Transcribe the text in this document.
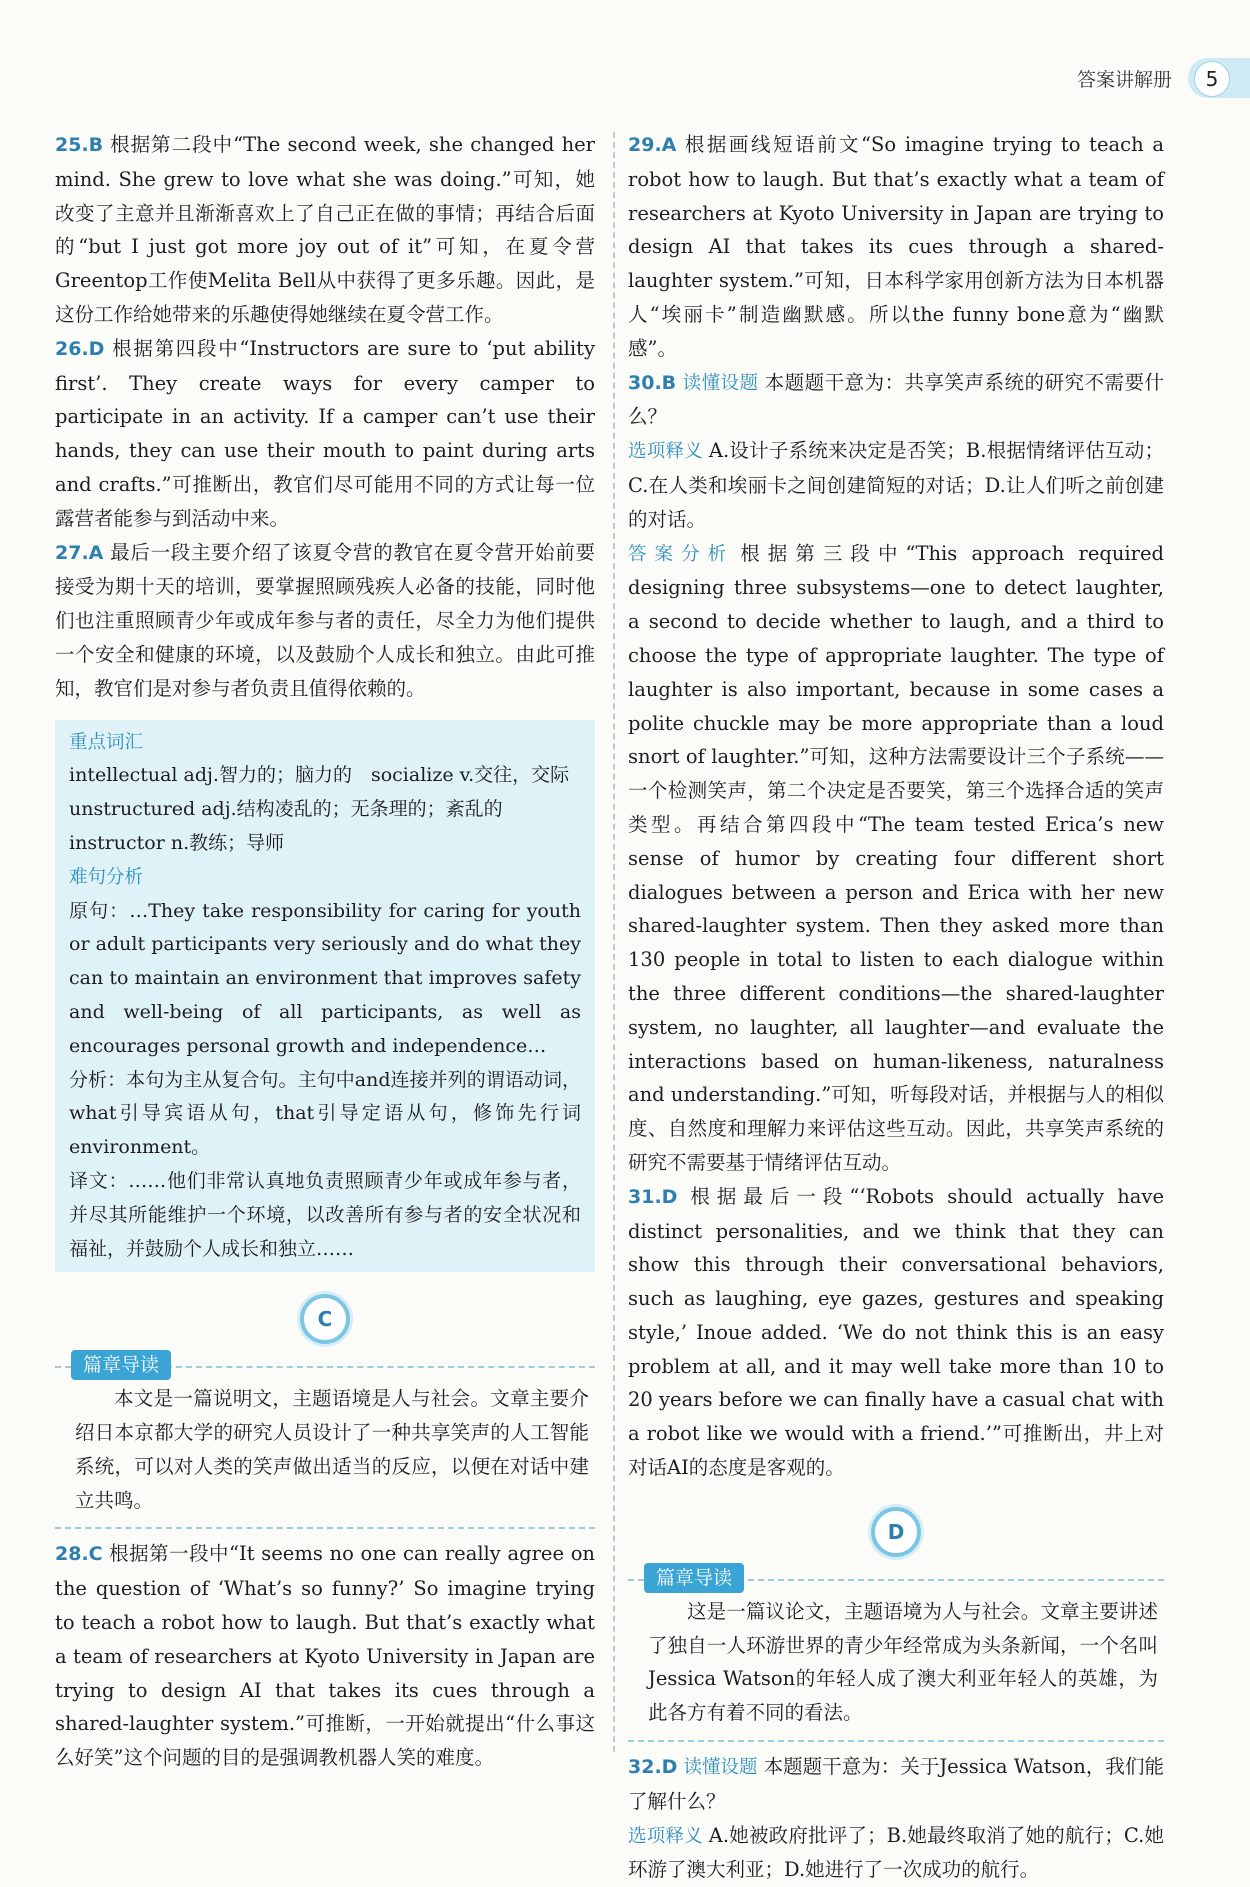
答案讲解册	5

25.B 根据第二段中“The second week, she changed her mind. She grew to love what she was doing.”可知，她改变了主意并且渐渐喜欢上了自己正在做的事情；再结合后面的“but I just got more joy out of it”可知，在夏令营Greentop工作使Melita Bell从中获得了更多乐趣。因此，是这份工作给她带来的乐趣使得她继续在夏令营工作。

26.D 根据第四段中“Instructors are sure to ‘put ability first’. They create ways for every camper to participate in an activity. If a camper can’t use their hands, they can use their mouth to paint during arts and crafts.”可推断出，教官们尽可能用不同的方式让每一位露营者能参与到活动中来。

27.A 最后一段主要介绍了该夏令营的教官在夏令营开始前要接受为期十天的培训，要掌握照顾残疾人必备的技能，同时他们也注重照顾青少年或成年参与者的责任，尽全力为他们提供一个安全和健康的环境，以及鼓励个人成长和独立。由此可推知，教官们是对参与者负责且值得依赖的。

重点词汇

intellectual adj.智力的；脑力的　socialize v.交往，交际

unstructured adj.结构凌乱的；无条理的；紊乱的

instructor n.教练；导师

难句分析

原句：…They take responsibility for caring for youth or adult participants very seriously and do what they can to maintain an environment that improves safety and well-being of all participants, as well as encourages personal growth and independence…

分析：本句为主从复合句。主句中and连接并列的谓语动词，what引导宾语从句，that引导定语从句，修饰先行词environment。

译文：……他们非常认真地负责照顾青少年或成年参与者，并尽其所能维护一个环境，以改善所有参与者的安全状况和福祉，并鼓励个人成长和独立……

C
篇章导读

本文是一篇说明文，主题语境是人与社会。文章主要介绍日本京都大学的研究人员设计了一种共享笑声的人工智能系统，可以对人类的笑声做出适当的反应，以便在对话中建立共鸣。

28.C 根据第一段中“It seems no one can really agree on the question of ‘What’s so funny?’ So imagine trying to teach a robot how to laugh. But that’s exactly what a team of researchers at Kyoto University in Japan are trying to design AI that takes its cues through a shared-laughter system.”可推断，一开始就提出“什么事这么好笑”这个问题的目的是强调教机器人笑的难度。

29.A 根据画线短语前文“So imagine trying to teach a robot how to laugh. But that’s exactly what a team of researchers at Kyoto University in Japan are trying to design AI that takes its cues through a shared-laughter system.”可知，日本科学家用创新方法为日本机器人“埃丽卡”制造幽默感。所以the funny bone意为“幽默感”。

30.B 读懂设题 本题题干意为：共享笑声系统的研究不需要什么？

选项释义 A.设计子系统来决定是否笑；B.根据情绪评估互动；C.在人类和埃丽卡之间创建简短的对话；D.让人们听之前创建的对话。

答案分析 根据第三段中“This approach required designing three subsystems—one to detect laughter, a second to decide whether to laugh, and a third to choose the type of appropriate laughter. The type of laughter is also important, because in some cases a polite chuckle may be more appropriate than a loud snort of laughter.”可知，这种方法需要设计三个子系统——一个检测笑声，第二个决定是否要笑，第三个选择合适的笑声类型。再结合第四段中“The team tested Erica’s new sense of humor by creating four different short dialogues between a person and Erica with her new shared-laughter system. Then they asked more than 130 people in total to listen to each dialogue within the three different conditions—the shared-laughter system, no laughter, all laughter—and evaluate the interactions based on human-likeness, naturalness and understanding.”可知，听每段对话，并根据与人的相似度、自然度和理解力来评估这些互动。因此，共享笑声系统的研究不需要基于情绪评估互动。

31.D 根据最后一段“‘Robots should actually have distinct personalities, and we think that they can show this through their conversational behaviors, such as laughing, eye gazes, gestures and speaking style,’ Inoue added. ‘We do not think this is an easy problem at all, and it may well take more than 10 to 20 years before we can finally have a casual chat with a robot like we would with a friend.’”可推断出，井上对对话AI的态度是客观的。

D
篇章导读

这是一篇议论文，主题语境为人与社会。文章主要讲述了独自一人环游世界的青少年经常成为头条新闻，一个名叫Jessica Watson的年轻人成了澳大利亚年轻人的英雄，为此各方有着不同的看法。

32.D 读懂设题 本题题干意为：关于Jessica Watson，我们能了解什么？

选项释义 A.她被政府批评了；B.她最终取消了她的航行；C.她环游了澳大利亚；D.她进行了一次成功的航行。
